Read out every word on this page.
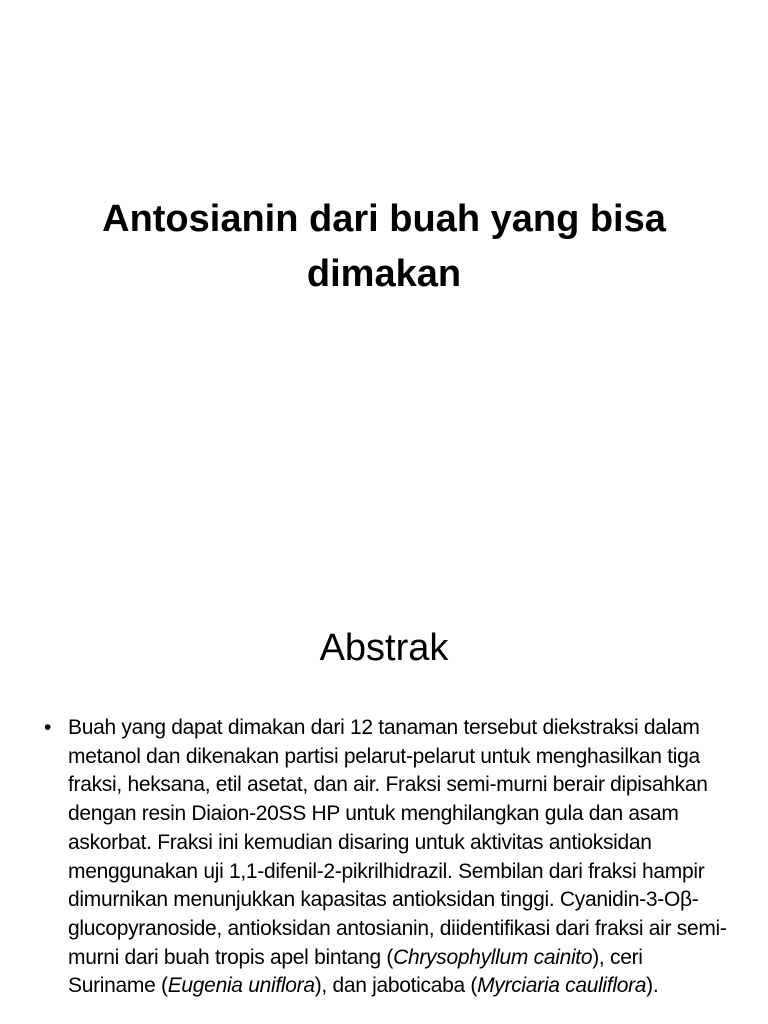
Antosianin dari buah yang bisa
dimakan
Abstrak
• Buah yang dapat dimakan dari 12 tanaman tersebut diekstraksi dalam metanol dan dikenakan partisi pelarut-pelarut untuk menghasilkan tiga fraksi, heksana, etil asetat, dan air. Fraksi semi-murni berair dipisahkan dengan resin Diaion-20SS HP untuk menghilangkan gula dan asam askorbat. Fraksi ini kemudian disaring untuk aktivitas antioksidan menggunakan uji 1,1-difenil-2-pikrilhidrazil. Sembilan dari fraksi hampir dimurnikan menunjukkan kapasitas antioksidan tinggi. Cyanidin-3-Oβ-glucopyranoside, antioksidan antosianin, diidentifikasi dari fraksi air semi-murni dari buah tropis apel bintang (Chrysophyllum cainito), ceri Suriname (Eugenia uniflora), dan jaboticaba (Myrciaria cauliflora).
